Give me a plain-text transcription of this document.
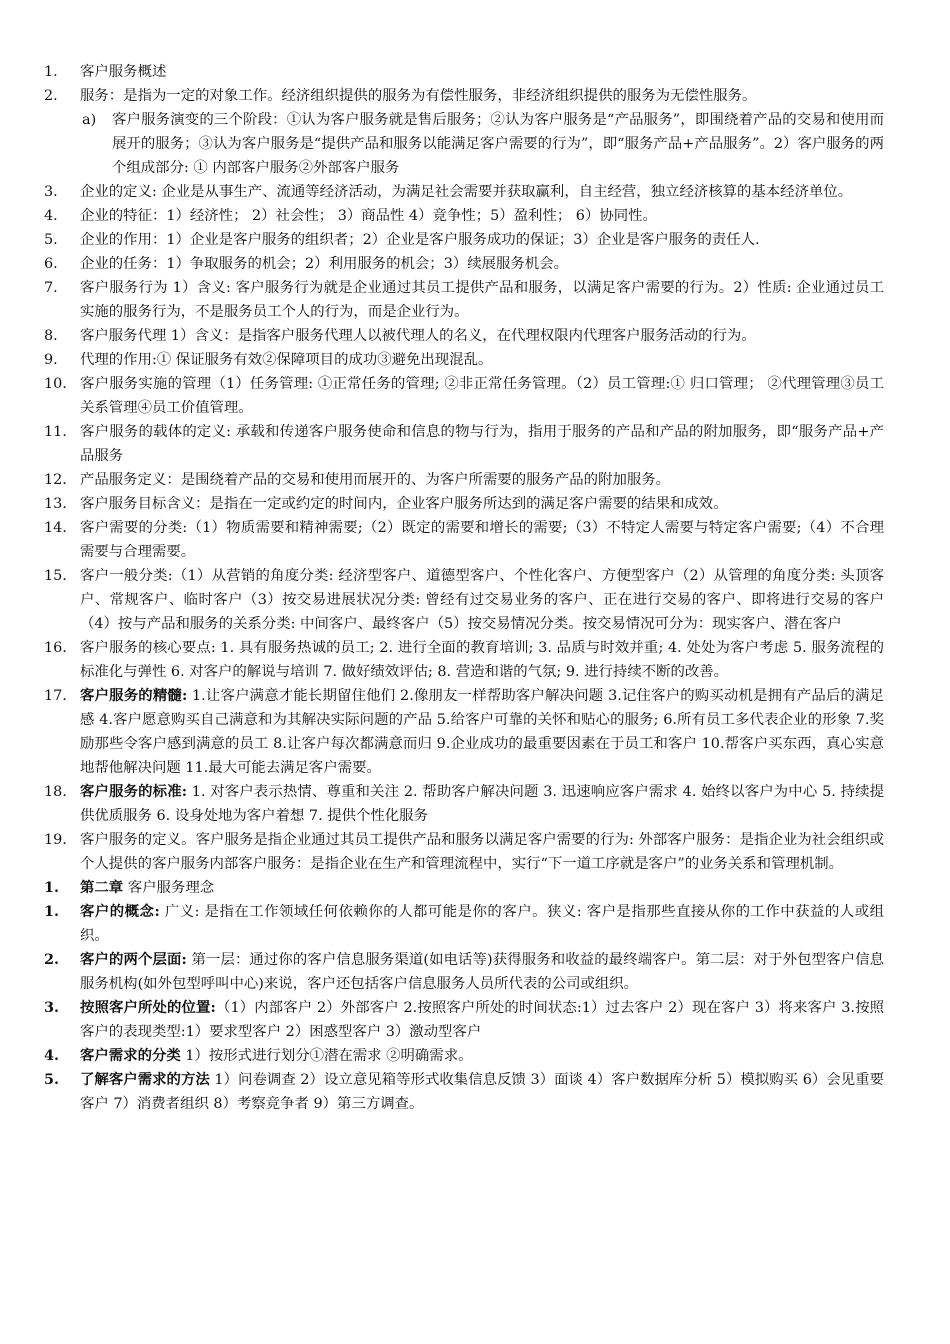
1.	客户服务概述
2.	服务：是指为一定的对象工作。经济组织提供的服务为有偿性服务，非经济组织提供的服务为无偿性服务。
a)	客户服务演变的三个阶段：①认为客户服务就是售后服务；②认为客户服务是“产品服务”，即围绕着产品的交易和使用而展开的服务；③认为客户服务是“提供产品和服务以能满足客户需要的行为”，即“服务产品+产品服务”。2）客户服务的两个组成部分: ① 内部客户服务②外部客户服务
3.	企业的定义: 企业是从事生产、流通等经济活动，为满足社会需要并获取赢利，自主经营，独立经济核算的基本经济单位。
4.	企业的特征：1）经济性； 2）社会性； 3）商品性 4）竞争性；5）盈利性； 6）协同性。
5.	企业的作用：1）企业是客户服务的组织者；2）企业是客户服务成功的保证；3）企业是客户服务的责任人.
6.	企业的任务：1）争取服务的机会；2）利用服务的机会；3）续展服务机会。
7.	客户服务行为 1）含义: 客户服务行为就是企业通过其员工提供产品和服务，以满足客户需要的行为。2）性质: 企业通过员工实施的服务行为，不是服务员工个人的行为，而是企业行为。
8.	客户服务代理 1）含义：是指客户服务代理人以被代理人的名义，在代理权限内代理客户服务活动的行为。
9.	代理的作用:① 保证服务有效②保障项目的成功③避免出现混乱。
10. 客户服务实施的管理（1）任务管理: ①正常任务的管理; ②非正常任务管理。（2）员工管理:① 归口管理； ②代理管理③员工关系管理④员工价值管理。
11. 客户服务的载体的定义: 承载和传递客户服务使命和信息的物与行为，指用于服务的产品和产品的附加服务，即“服务产品+产品服务
12. 产品服务定义：是围绕着产品的交易和使用而展开的、为客户所需要的服务产品的附加服务。
13. 客户服务目标含义：是指在一定或约定的时间内，企业客户服务所达到的满足客户需要的结果和成效。
14. 客户需要的分类:（1）物质需要和精神需要;（2）既定的需要和增长的需要;（3）不特定人需要与特定客户需要;（4）不合理需要与合理需要。
15. 客户一般分类:（1）从营销的角度分类: 经济型客户、道德型客户、个性化客户、方便型客户（2）从管理的角度分类: 头顶客户、常规客户、临时客户（3）按交易进展状况分类: 曾经有过交易业务的客户、正在进行交易的客户、即将进行交易的客户（4）按与产品和服务的关系分类: 中间客户、最终客户（5）按交易情况分类。按交易情况可分为：现实客户、潜在客户
16. 客户服务的核心要点: 1. 具有服务热诚的员工; 2. 进行全面的教育培训; 3. 品质与时效并重; 4. 处处为客户考虑 5. 服务流程的标准化与弹性 6. 对客户的解说与培训 7. 做好绩效评估; 8. 营造和谐的气氛; 9. 进行持续不断的改善。
17. 客户服务的精髓: 1.让客户满意才能长期留住他们 2.像朋友一样帮助客户解决问题 3.记住客户的购买动机是拥有产品后的满足感 4.客户愿意购买自己满意和为其解决实际问题的产品 5.给客户可靠的关怀和贴心的服务; 6.所有员工多代表企业的形象 7.奖励那些令客户感到满意的员工 8.让客户每次都满意而归 9.企业成功的最重要因素在于员工和客户 10.帮客户买东西，真心实意地帮他解决问题 11.最大可能去满足客户需要。
18. 客户服务的标准: 1. 对客户表示热情、尊重和关注 2. 帮助客户解决问题 3. 迅速响应客户需求 4. 始终以客户为中心 5. 持续提供优质服务 6. 设身处地为客户着想 7. 提供个性化服务
19. 客户服务的定义。客户服务是指企业通过其员工提供产品和服务以满足客户需要的行为: 外部客户服务：是指企业为社会组织或个人提供的客户服务内部客户服务：是指企业在生产和管理流程中，实行“下一道工序就是客户”的业务关系和管理机制。
1.	第二章 客户服务理念
1.	客户的概念: 广义: 是指在工作领域任何依赖你的人都可能是你的客户。狭义: 客户是指那些直接从你的工作中获益的人或组织。
2.	客户的两个层面: 第一层：通过你的客户信息服务渠道(如电话等)获得服务和收益的最终端客户。第二层：对于外包型客户信息服务机构(如外包型呼叫中心)来说，客户还包括客户信息服务人员所代表的公司或组织。
3.	按照客户所处的位置:（1）内部客户 2）外部客户 2.按照客户所处的时间状态:1）过去客户 2）现在客户 3）将来客户 3.按照客户的表现类型:1）要求型客户 2）困惑型客户 3）激动型客户
4.	客户需求的分类 1）按形式进行划分①潜在需求 ②明确需求。
5.	了解客户需求的方法 1）问卷调查 2）设立意见箱等形式收集信息反馈 3）面谈 4）客户数据库分析 5）模拟购买 6）会见重要客户 7）消费者组织 8）考察竞争者 9）第三方调查。
